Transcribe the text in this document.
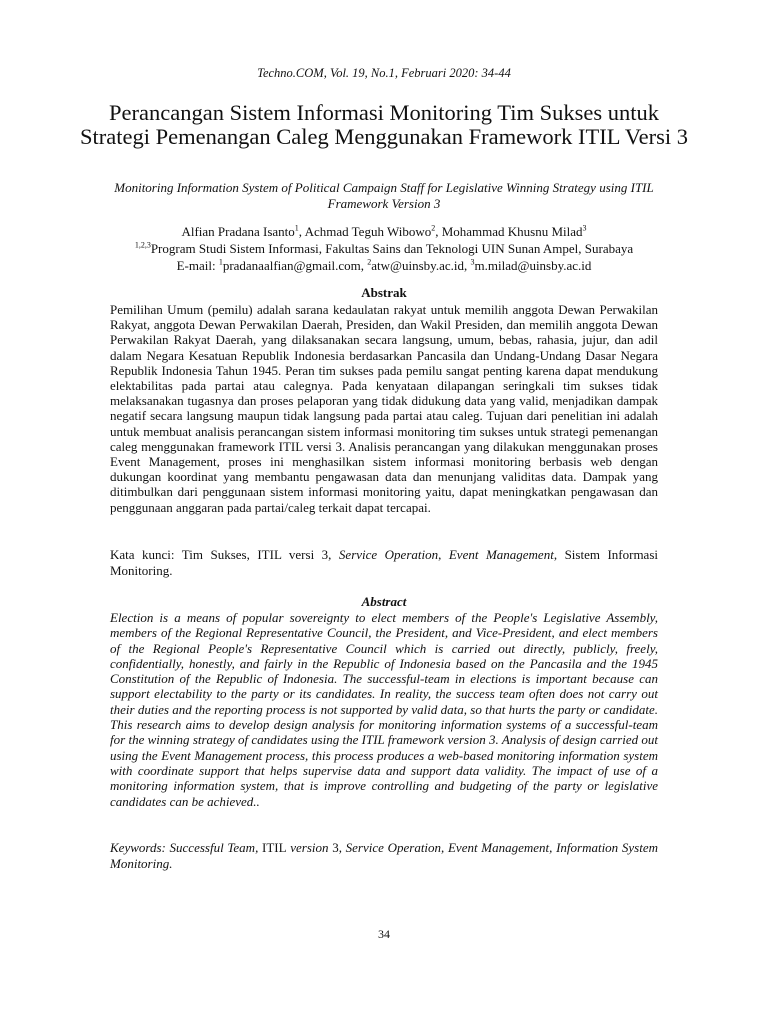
Techno.COM, Vol. 19, No.1, Februari 2020: 34-44
Perancangan Sistem Informasi Monitoring Tim Sukses untuk Strategi Pemenangan Caleg Menggunakan Framework ITIL Versi 3
Monitoring Information System of Political Campaign Staff for Legislative Winning Strategy using ITIL Framework Version 3
Alfian Pradana Isanto$^1$, Achmad Teguh Wibowo$^2$, Mohammad Khusnu Milad$^3$
$^{1,2,3}$Program Studi Sistem Informasi, Fakultas Sains dan Teknologi UIN Sunan Ampel, Surabaya
E-mail: $^1$pradanaalfian@gmail.com, $^2$atw@uinsby.ac.id, $^3$m.milad@uinsby.ac.id
Abstrak

Pemilihan Umum (pemilu) adalah sarana kedaulatan rakyat untuk memilih anggota Dewan Perwakilan Rakyat, anggota Dewan Perwakilan Daerah, Presiden, dan Wakil Presiden, dan memilih anggota Dewan Perwakilan Rakyat Daerah, yang dilaksanakan secara langsung, umum, bebas, rahasia, jujur, dan adil dalam Negara Kesatuan Republik Indonesia berdasarkan Pancasila dan Undang-Undang Dasar Negara Republik Indonesia Tahun 1945. Peran tim sukses pada pemilu sangat penting karena dapat mendukung elektabilitas pada partai atau calegnya. Pada kenyataan dilapangan seringkali tim sukses tidak melaksanakan tugasnya dan proses pelaporan yang tidak didukung data yang valid, menjadikan dampak negatif secara langsung maupun tidak langsung pada partai atau caleg. Tujuan dari penelitian ini adalah untuk membuat analisis perancangan sistem informasi monitoring tim sukses untuk strategi pemenangan caleg menggunakan framework ITIL versi 3. Analisis perancangan yang dilakukan menggunakan proses Event Management, proses ini menghasilkan sistem informasi monitoring berbasis web dengan dukungan koordinat yang membantu pengawasan data dan menunjang validitas data. Dampak yang ditimbulkan dari penggunaan sistem informasi monitoring yaitu, dapat meningkatkan pengawasan dan penggunaan anggaran pada partai/caleg terkait dapat tercapai.

Kata kunci: Tim Sukses, ITIL versi 3, Service Operation, Event Management, Sistem Informasi Monitoring.

Abstract

Election is a means of popular sovereignty to elect members of the People's Legislative Assembly, members of the Regional Representative Council, the President, and Vice-President, and elect members of the Regional People's Representative Council which is carried out directly, publicly, freely, confidentially, honestly, and fairly in the Republic of Indonesia based on the Pancasila and the 1945 Constitution of the Republic of Indonesia. The successful-team in elections is important because can support electability to the party or its candidates. In reality, the success team often does not carry out their duties and the reporting process is not supported by valid data, so that hurts the party or candidate. This research aims to develop design analysis for monitoring information systems of a successful-team for the winning strategy of candidates using the ITIL framework version 3. Analysis of design carried out using the Event Management process, this process produces a web-based monitoring information system with coordinate support that helps supervise data and support data validity. The impact of use of a monitoring information system, that is improve controlling and budgeting of the party or legislative candidates can be achieved..

Keywords: Successful Team, ITIL version 3, Service Operation, Event Management, Information System Monitoring.

34
